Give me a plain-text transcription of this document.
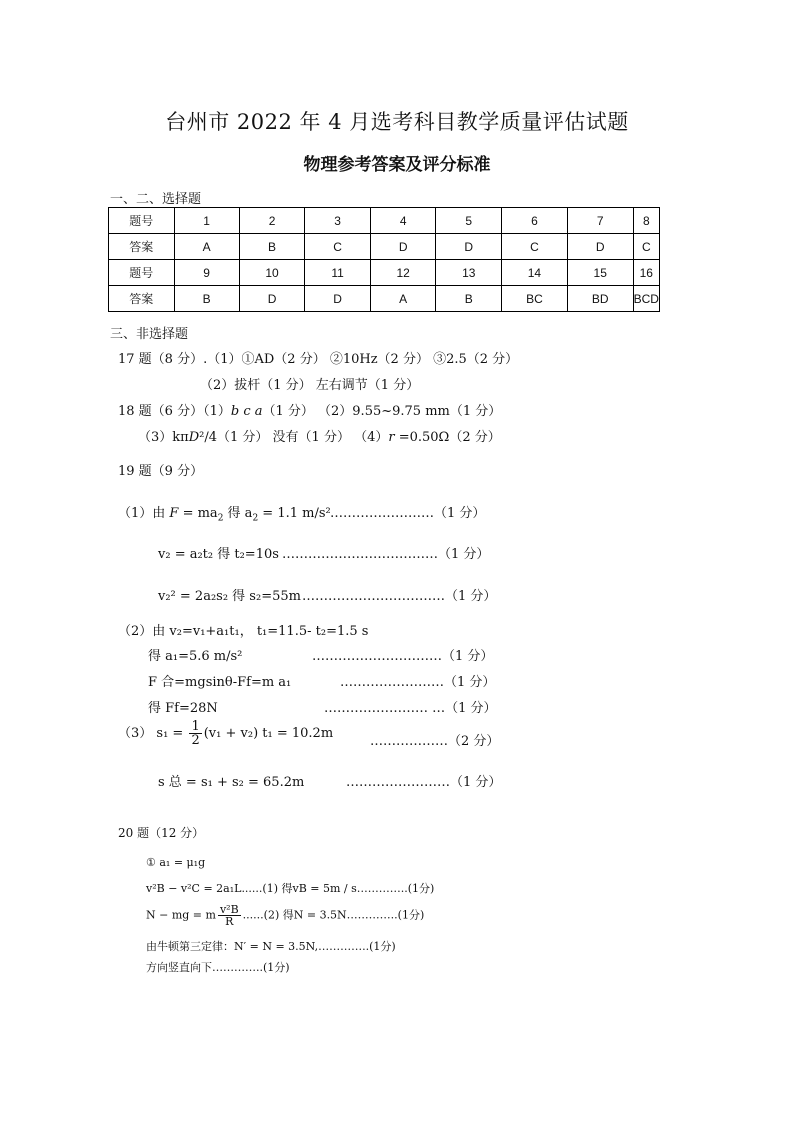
台州市 2022 年 4 月选考科目教学质量评估试题
物理参考答案及评分标准
一、二、选择题
题号	1	2	3	4	5	6	7	8
答案	A	B	C	D	D	C	D	C
题号	9	10	11	12	13	14	15	16
答案	B	D	D	A	B	BC	BD	BCD
三、非选择题
17 题（8 分）.（1）①AD（2 分） ②10Hz（2 分） ③2.5（2 分）
（2）拔杆（1 分） 左右调节（1 分）
18 题（6 分）（1）b c a（1 分） （2）9.55~9.75 mm（1 分）
（3）kπD²/4（1 分） 没有（1 分） （4）r =0.50Ω（2 分）
19 题（9 分）
（1）由 $F = ma_2$ 得 $a_2 = 1.1$ m/s² ……………………（1 分）
v₂ = a₂t₂ 得 t₂=10s ………………………………（1 分）
v₂² = 2a₂s₂ 得 s₂=55m ……………………………（1 分）
（2）由 v₂=v₁+a₁t₁， t₁=11.5- t₂=1.5 s
得 a₁=5.6 m/s²	…………………………（1 分）
F 合=mgsinθ-Ff=m a₁	……………………（1 分）
得 Ff=28N	…………………… …（1 分）
（3） $s_1 = \frac{1}{2} (v_1 + v_2) t_1 = 10.2m$
………………（2 分）
s 总 = s₁ + s₂ = 65.2m	……………………（1 分）
20 题（12 分）
① a₁ = μ₁g
v²B − v²C = 2a₁L......(1) 得vB = 5m / s…………..(1分)
N − mg = m $\frac{\text{v²B}}{R} ......(2)$ 得N = 3.5N…………..(1分)
由牛顿第三定律：N′ = N = 3.5N,…………..(1分)
方向竖直向下…………..(1分)
